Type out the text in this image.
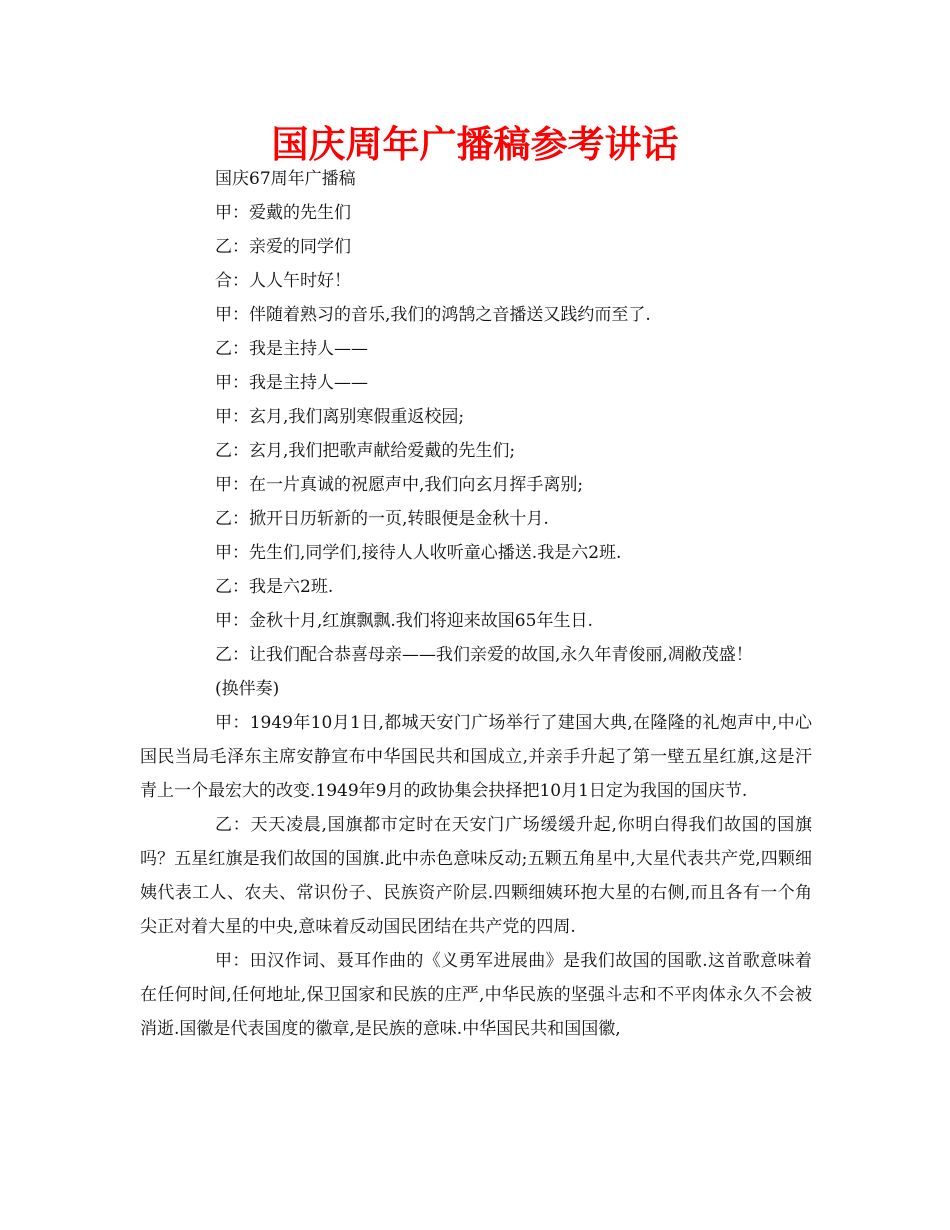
国庆周年广播稿参考讲话
国庆67周年广播稿
甲：爱戴的先生们
乙：亲爱的同学们
合：人人午时好！
甲：伴随着熟习的音乐,我们的鸿鹄之音播送又践约而至了.
乙：我是主持人——
甲：我是主持人——
甲：玄月,我们离别寒假重返校园;
乙：玄月,我们把歌声献给爱戴的先生们;
甲：在一片真诚的祝愿声中,我们向玄月挥手离别;
乙：掀开日历斩新的一页,转眼便是金秋十月.
甲：先生们,同学们,接待人人收听童心播送.我是六2班.
乙：我是六2班.
甲：金秋十月,红旗飘飘.我们将迎来故国65年生日.
乙：让我们配合恭喜母亲——我们亲爱的故国,永久年青俊丽,凋敝茂盛！
(换伴奏)

甲：1949年10月1日,都城天安门广场举行了建国大典,在隆隆的礼炮声中,中心国民当局毛泽东主席安静宣布中华国民共和国成立,并亲手升起了第一壁五星红旗,这是汗青上一个最宏大的改变.1949年9月的政协集会抉择把10月1日定为我国的国庆节.

乙：天天凌晨,国旗都市定时在天安门广场缓缓升起,你明白得我们故国的国旗吗？五星红旗是我们故国的国旗.此中赤色意味反动;五颗五角星中,大星代表共产党,四颗细姨代表工人、农夫、常识份子、民族资产阶层.四颗细姨环抱大星的右侧,而且各有一个角尖正对着大星的中央,意味着反动国民团结在共产党的四周.

甲：田汉作词、聂耳作曲的《义勇军进展曲》是我们故国的国歌.这首歌意味着在任何时间,任何地址,保卫国家和民族的庄严,中华民族的坚强斗志和不平肉体永久不会被消逝.国徽是代表国度的徽章,是民族的意味.中华国民共和国国徽,
